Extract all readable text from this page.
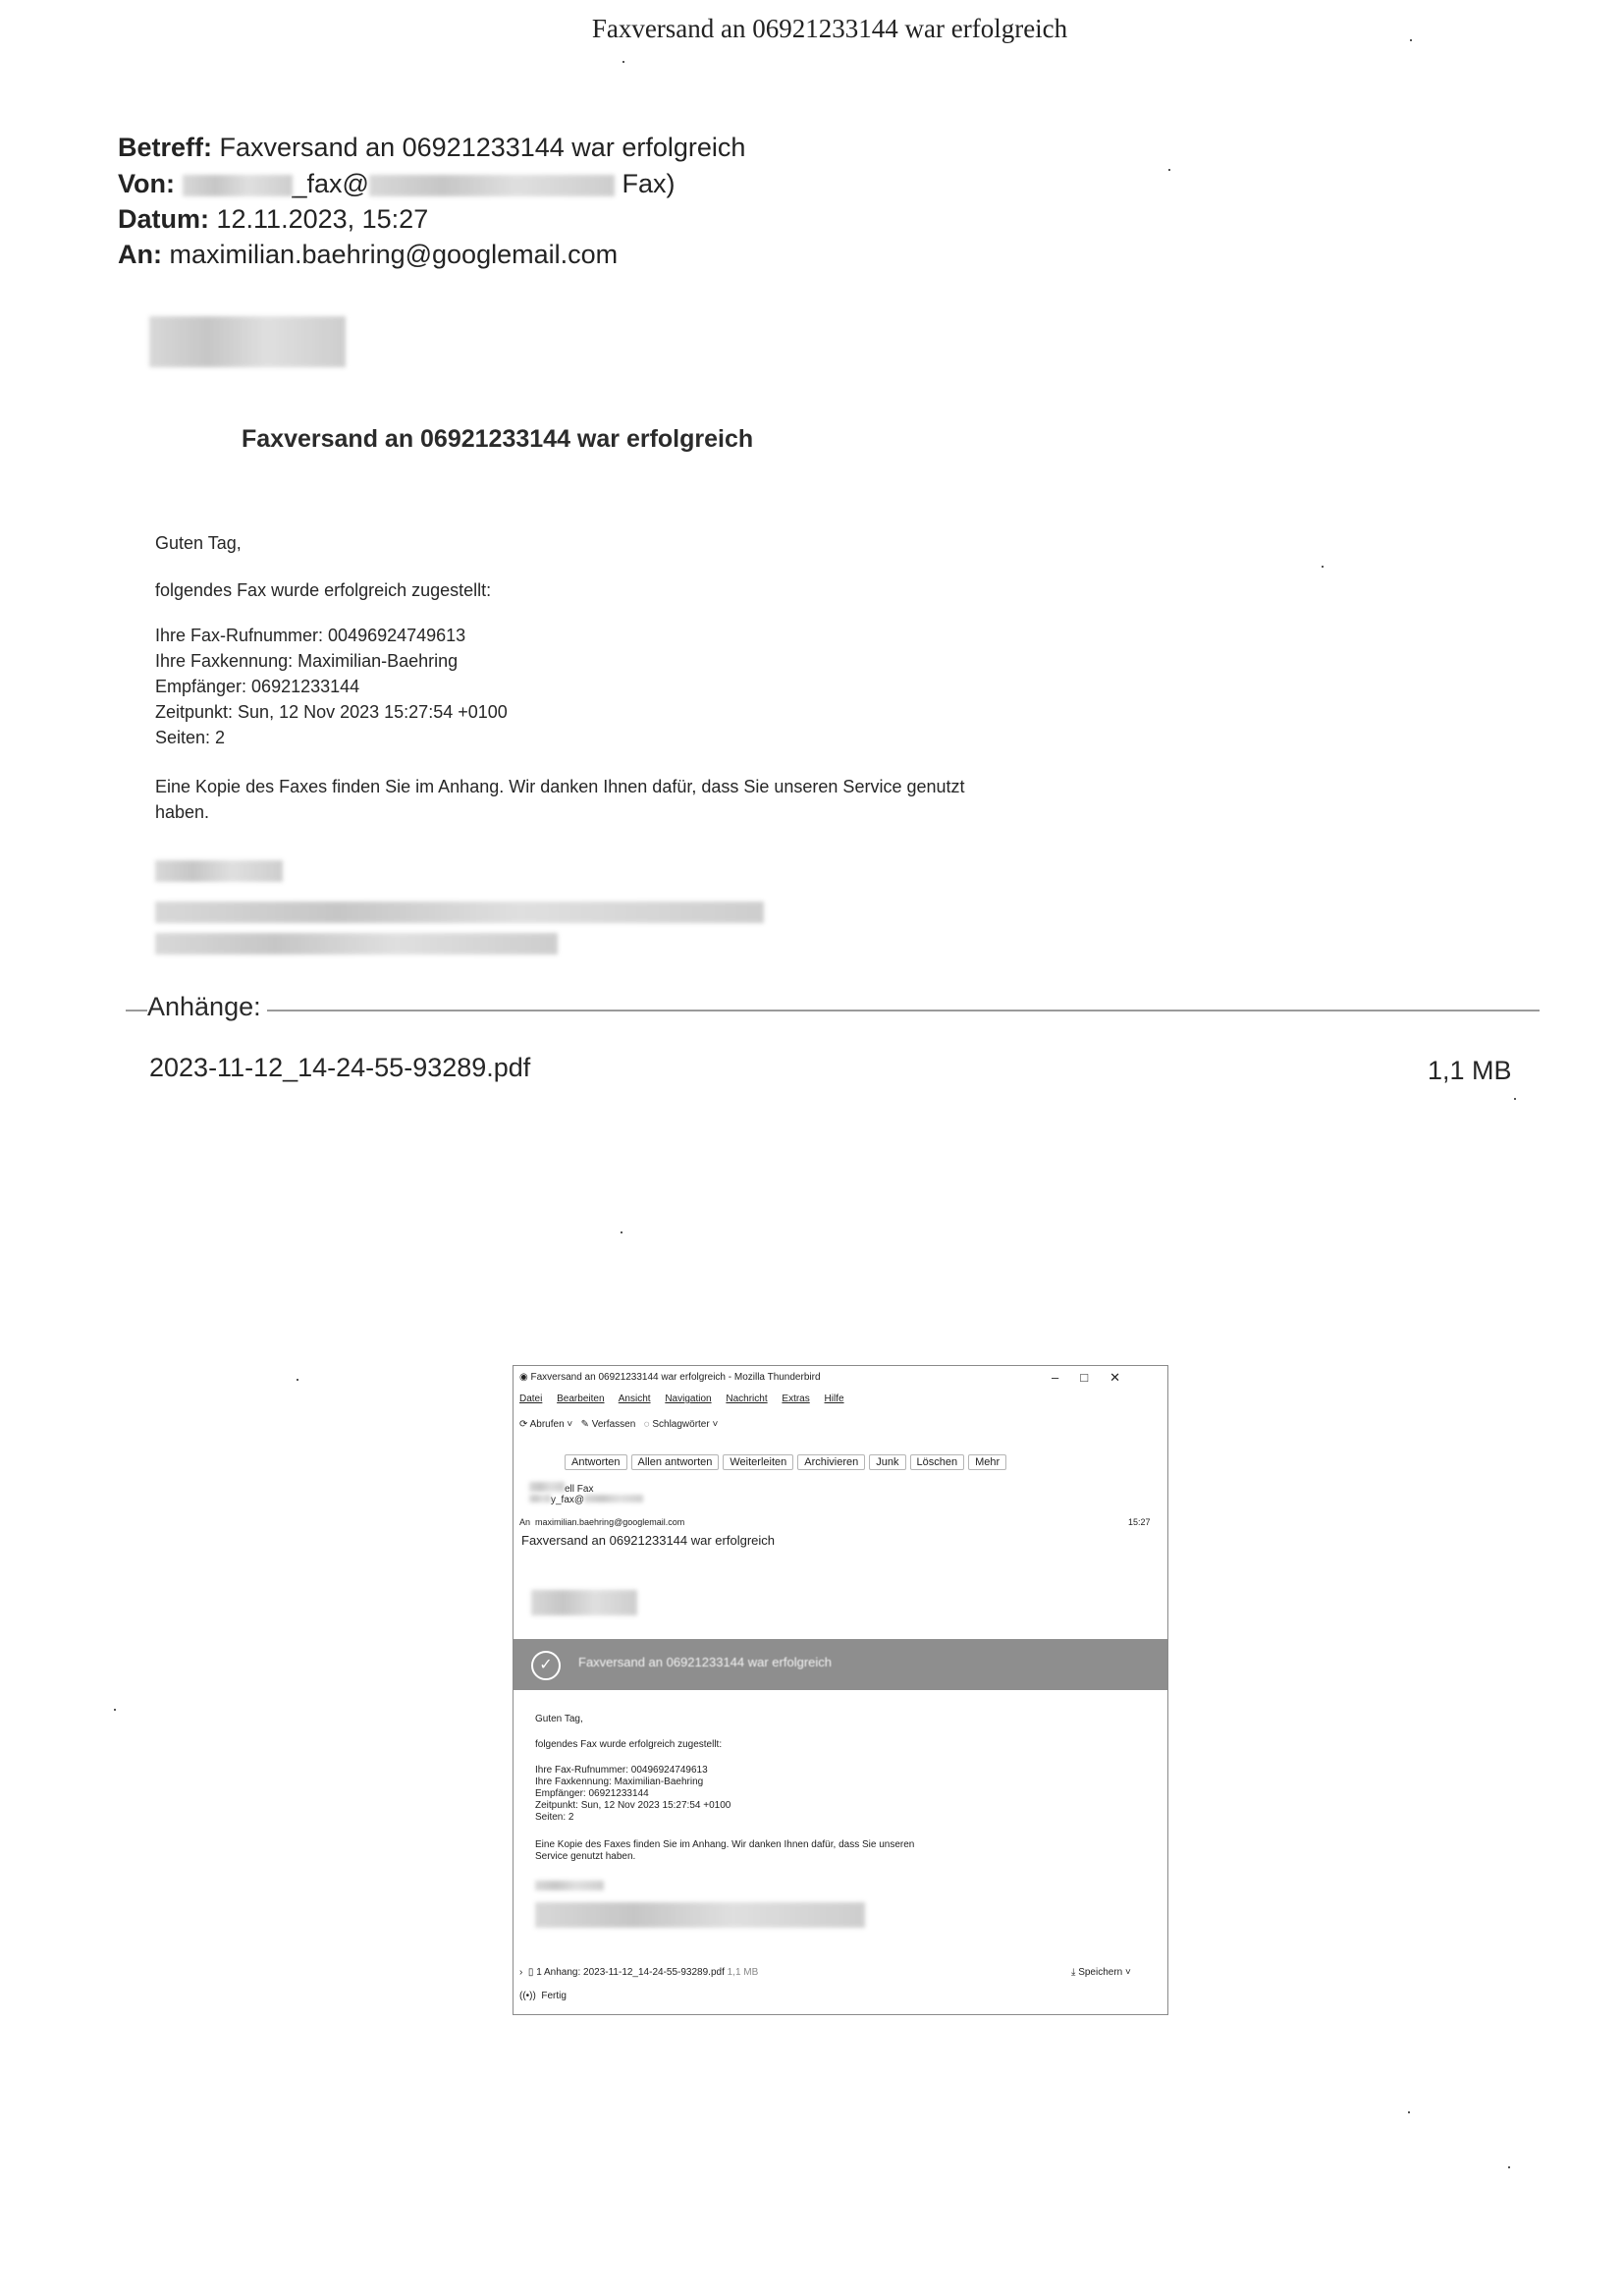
Faxversand an 06921233144 war erfolgreich
Betreff: Faxversand an 06921233144 war erfolgreich
Von:	_fax@	Fax)
Datum: 12.11.2023, 15:27
An: maximilian.baehring@googlemail.com
Faxversand an 06921233144 war erfolgreich
Guten Tag,
folgendes Fax wurde erfolgreich zugestellt:
Ihre Fax-Rufnummer: 00496924749613
Ihre Faxkennung: Maximilian-Baehring
Empfänger: 06921233144
Zeitpunkt: Sun, 12 Nov 2023 15:27:54 +0100
Seiten: 2
Eine Kopie des Faxes finden Sie im Anhang. Wir danken Ihnen dafür, dass Sie unseren Service genutzt
haben.
Anhänge:
2023-11-12_14-24-55-93289.pdf	1,1 MB
◉ Faxversand an 06921233144 war erfolgreich - Mozilla Thunderbird	–□✕
Datei Bearbeiten Ansicht Navigation Nachricht Extras Hilfe
⟳ Abrufen ˅ ✎ Verfassen ◌ Schlagwörter ˅
Antworten Allen antworten Weiterleiten Archivieren Junk Löschen Mehr
ell Fax
y_fax@
An maximilian.baehring@googlemail.com	15:27
Faxversand an 06921233144 war erfolgreich
✓	Faxversand an 06921233144 war erfolgreich
Guten Tag,
folgendes Fax wurde erfolgreich zugestellt:
Ihre Fax-Rufnummer: 00496924749613
Ihre Faxkennung: Maximilian-Baehring
Empfänger: 06921233144
Zeitpunkt: Sun, 12 Nov 2023 15:27:54 +0100
Seiten: 2
Eine Kopie des Faxes finden Sie im Anhang. Wir danken Ihnen dafür, dass Sie unseren
Service genutzt haben.
› ▯ 1 Anhang: 2023-11-12_14-24-55-93289.pdf 1,1 MB	⤓ Speichern ˅
((•)) Fertig
